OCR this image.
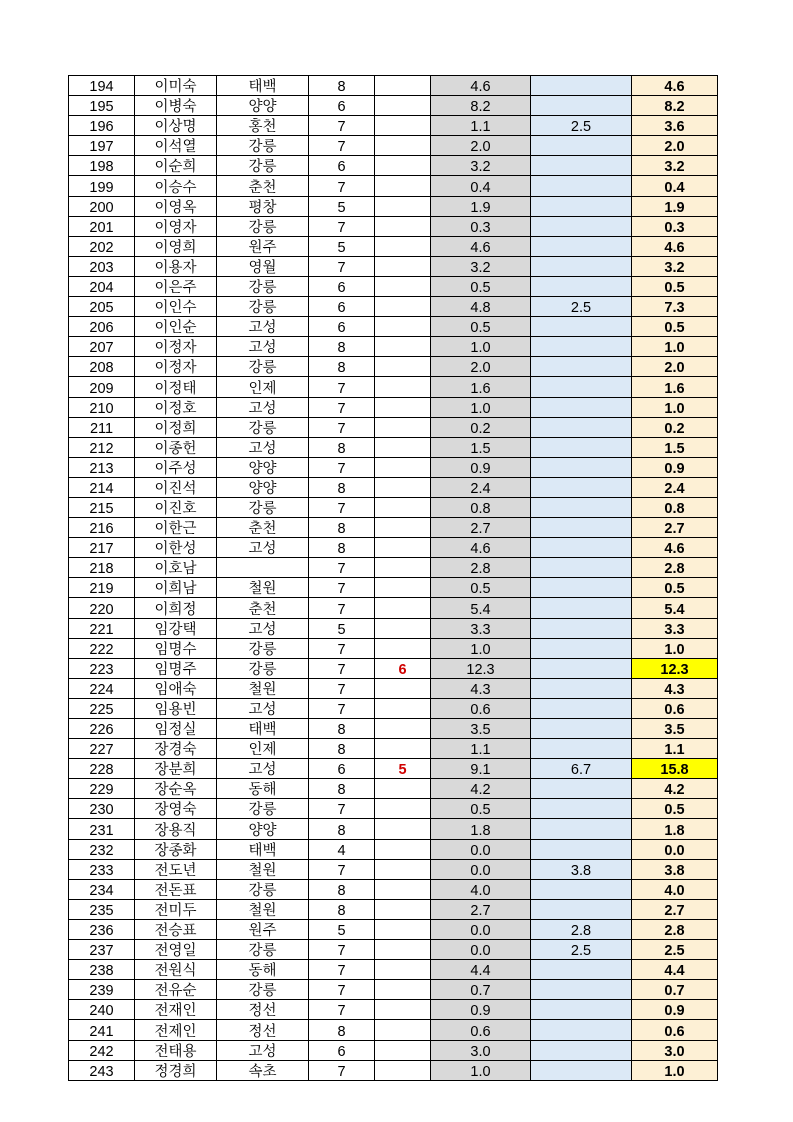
194	이미숙	태백	8		4.6		4.6
195	이병숙	양양	6		8.2		8.2
196	이상명	홍천	7		1.1	2.5	3.6
197	이석열	강릉	7		2.0		2.0
198	이순희	강릉	6		3.2		3.2
199	이승수	춘천	7		0.4		0.4
200	이영옥	평창	5		1.9		1.9
201	이영자	강릉	7		0.3		0.3
202	이영희	원주	5		4.6		4.6
203	이용자	영월	7		3.2		3.2
204	이은주	강릉	6		0.5		0.5
205	이인수	강릉	6		4.8	2.5	7.3
206	이인순	고성	6		0.5		0.5
207	이정자	고성	8		1.0		1.0
208	이정자	강릉	8		2.0		2.0
209	이정태	인제	7		1.6		1.6
210	이정호	고성	7		1.0		1.0
211	이정희	강릉	7		0.2		0.2
212	이종헌	고성	8		1.5		1.5
213	이주성	양양	7		0.9		0.9
214	이진석	양양	8		2.4		2.4
215	이진호	강릉	7		0.8		0.8
216	이한근	춘천	8		2.7		2.7
217	이한성	고성	8		4.6		4.6
218	이호남		7		2.8		2.8
219	이희남	철원	7		0.5		0.5
220	이희정	춘천	7		5.4		5.4
221	임강택	고성	5		3.3		3.3
222	임명수	강릉	7		1.0		1.0
223	임명주	강릉	7	6	12.3		12.3
224	임애숙	철원	7		4.3		4.3
225	임용빈	고성	7		0.6		0.6
226	임정실	태백	8		3.5		3.5
227	장경숙	인제	8		1.1		1.1
228	장분희	고성	6	5	9.1	6.7	15.8
229	장순옥	동해	8		4.2		4.2
230	장영숙	강릉	7		0.5		0.5
231	장용직	양양	8		1.8		1.8
232	장종화	태백	4		0.0		0.0
233	전도년	철원	7		0.0	3.8	3.8
234	전돈표	강릉	8		4.0		4.0
235	전미두	철원	8		2.7		2.7
236	전승표	원주	5		0.0	2.8	2.8
237	전영일	강릉	7		0.0	2.5	2.5
238	전원식	동해	7		4.4		4.4
239	전유순	강릉	7		0.7		0.7
240	전재인	정선	7		0.9		0.9
241	전제인	정선	8		0.6		0.6
242	전태용	고성	6		3.0		3.0
243	정경희	속초	7		1.0		1.0
